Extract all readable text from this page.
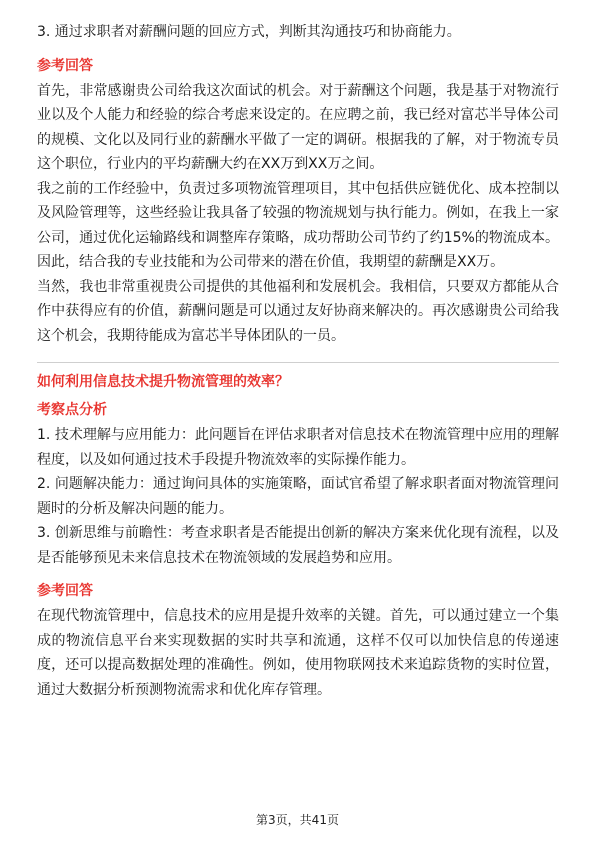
3. 通过求职者对薪酬问题的回应方式，判断其沟通技巧和协商能力。

参考回答

首先，非常感谢贵公司给我这次面试的机会。对于薪酬这个问题，我是基于对物流行业以及个人能力和经验的综合考虑来设定的。在应聘之前，我已经对富芯半导体公司的规模、文化以及同行业的薪酬水平做了一定的调研。根据我的了解，对于物流专员这个职位，行业内的平均薪酬大约在XX万到XX万之间。

我之前的工作经验中，负责过多项物流管理项目，其中包括供应链优化、成本控制以及风险管理等，这些经验让我具备了较强的物流规划与执行能力。例如，在我上一家公司，通过优化运输路线和调整库存策略，成功帮助公司节约了约15%的物流成本。因此，结合我的专业技能和为公司带来的潜在价值，我期望的薪酬是XX万。

当然，我也非常重视贵公司提供的其他福利和发展机会。我相信，只要双方都能从合作中获得应有的价值，薪酬问题是可以通过友好协商来解决的。再次感谢贵公司给我这个机会，我期待能成为富芯半导体团队的一员。

如何利用信息技术提升物流管理的效率？

考察点分析

1. 技术理解与应用能力：此问题旨在评估求职者对信息技术在物流管理中应用的理解程度，以及如何通过技术手段提升物流效率的实际操作能力。

2. 问题解决能力：通过询问具体的实施策略，面试官希望了解求职者面对物流管理问题时的分析及解决问题的能力。

3. 创新思维与前瞻性：考查求职者是否能提出创新的解决方案来优化现有流程，以及是否能够预见未来信息技术在物流领域的发展趋势和应用。

参考回答

在现代物流管理中，信息技术的应用是提升效率的关键。首先，可以通过建立一个集成的物流信息平台来实现数据的实时共享和流通，这样不仅可以加快信息的传递速度，还可以提高数据处理的准确性。例如，使用物联网技术来追踪货物的实时位置，通过大数据分析预测物流需求和优化库存管理。

第3页，共41页
